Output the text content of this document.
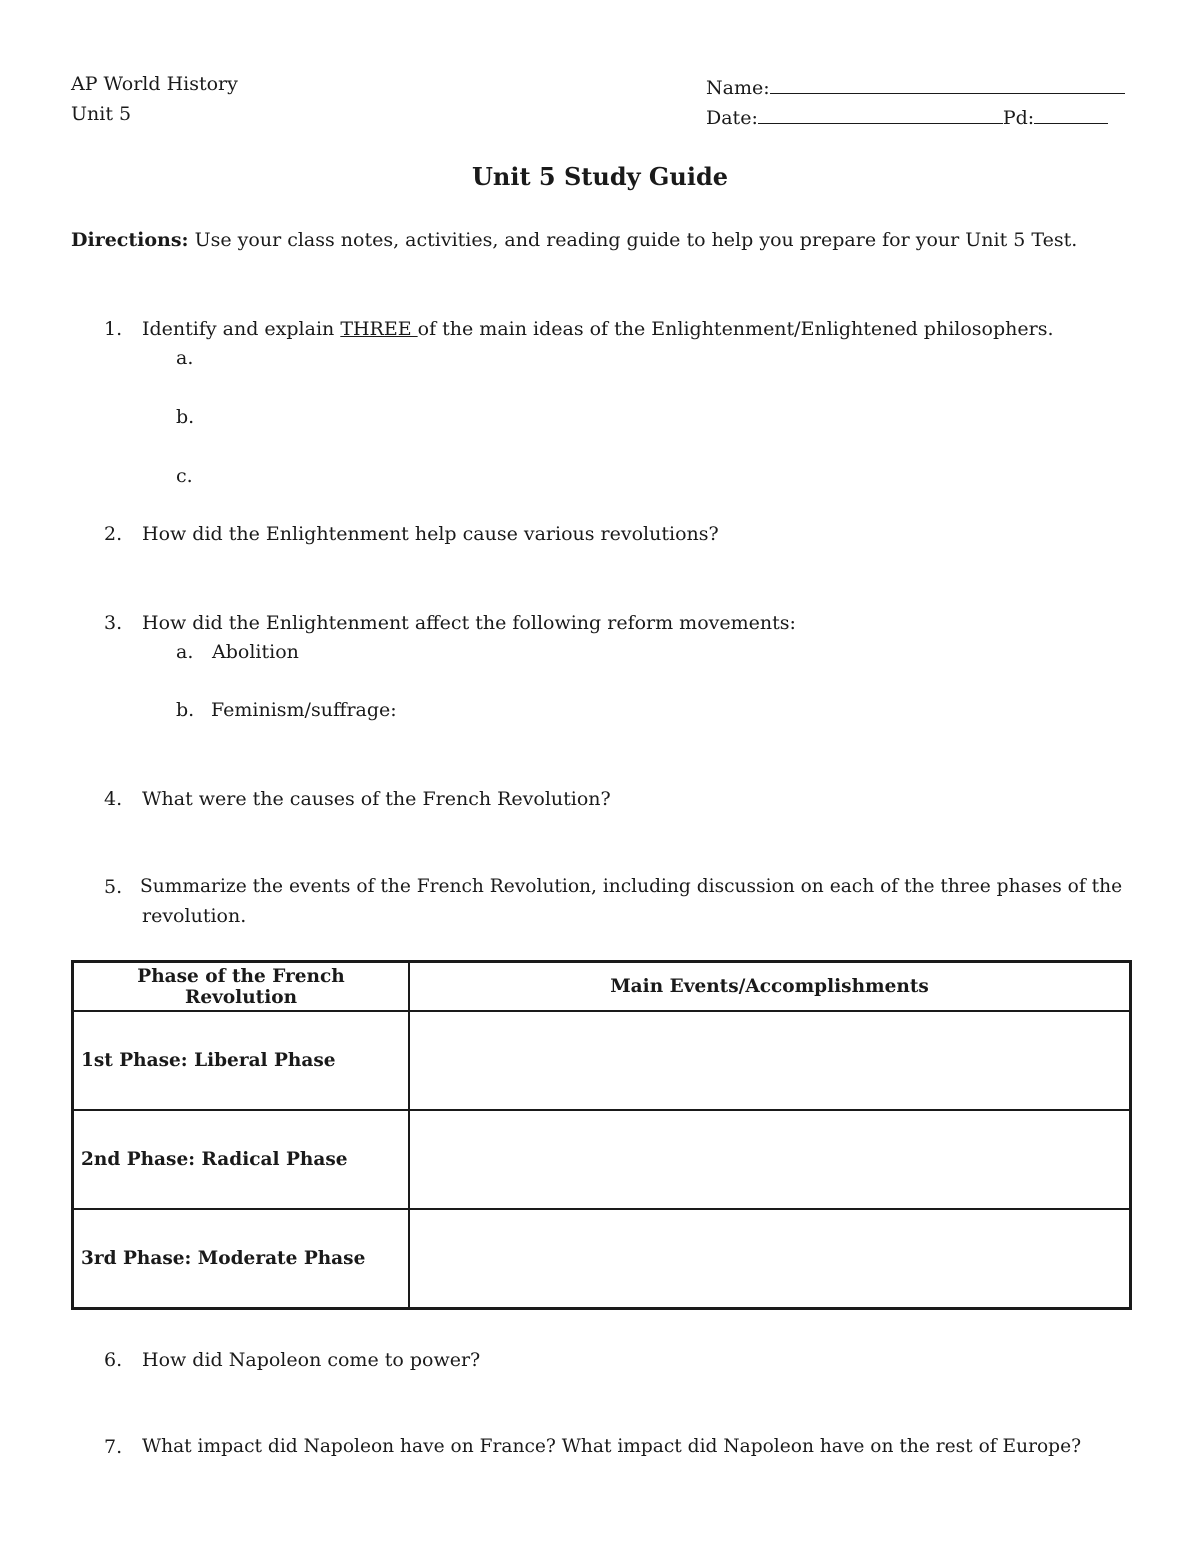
AP World History
Unit 5
Name:
Date:	Pd:
Unit 5 Study Guide
Directions: Use your class notes, activities, and reading guide to help you prepare for your Unit 5 Test.
1. Identify and explain THREE of the main ideas of the Enlightenment/Enlightened philosophers.
a.
b.
c.
2. How did the Enlightenment help cause various revolutions?
3. How did the Enlightenment affect the following reform movements:
a. Abolition
b. Feminism/suffrage:
4. What were the causes of the French Revolution?
5. Summarize the events of the French Revolution, including discussion on each of the three phases of the
revolution.
Phase of the French Revolution	Main Events/Accomplishments
1st Phase: Liberal Phase	
2nd Phase: Radical Phase	
3rd Phase: Moderate Phase	
6. How did Napoleon come to power?
7. What impact did Napoleon have on France? What impact did Napoleon have on the rest of Europe?
